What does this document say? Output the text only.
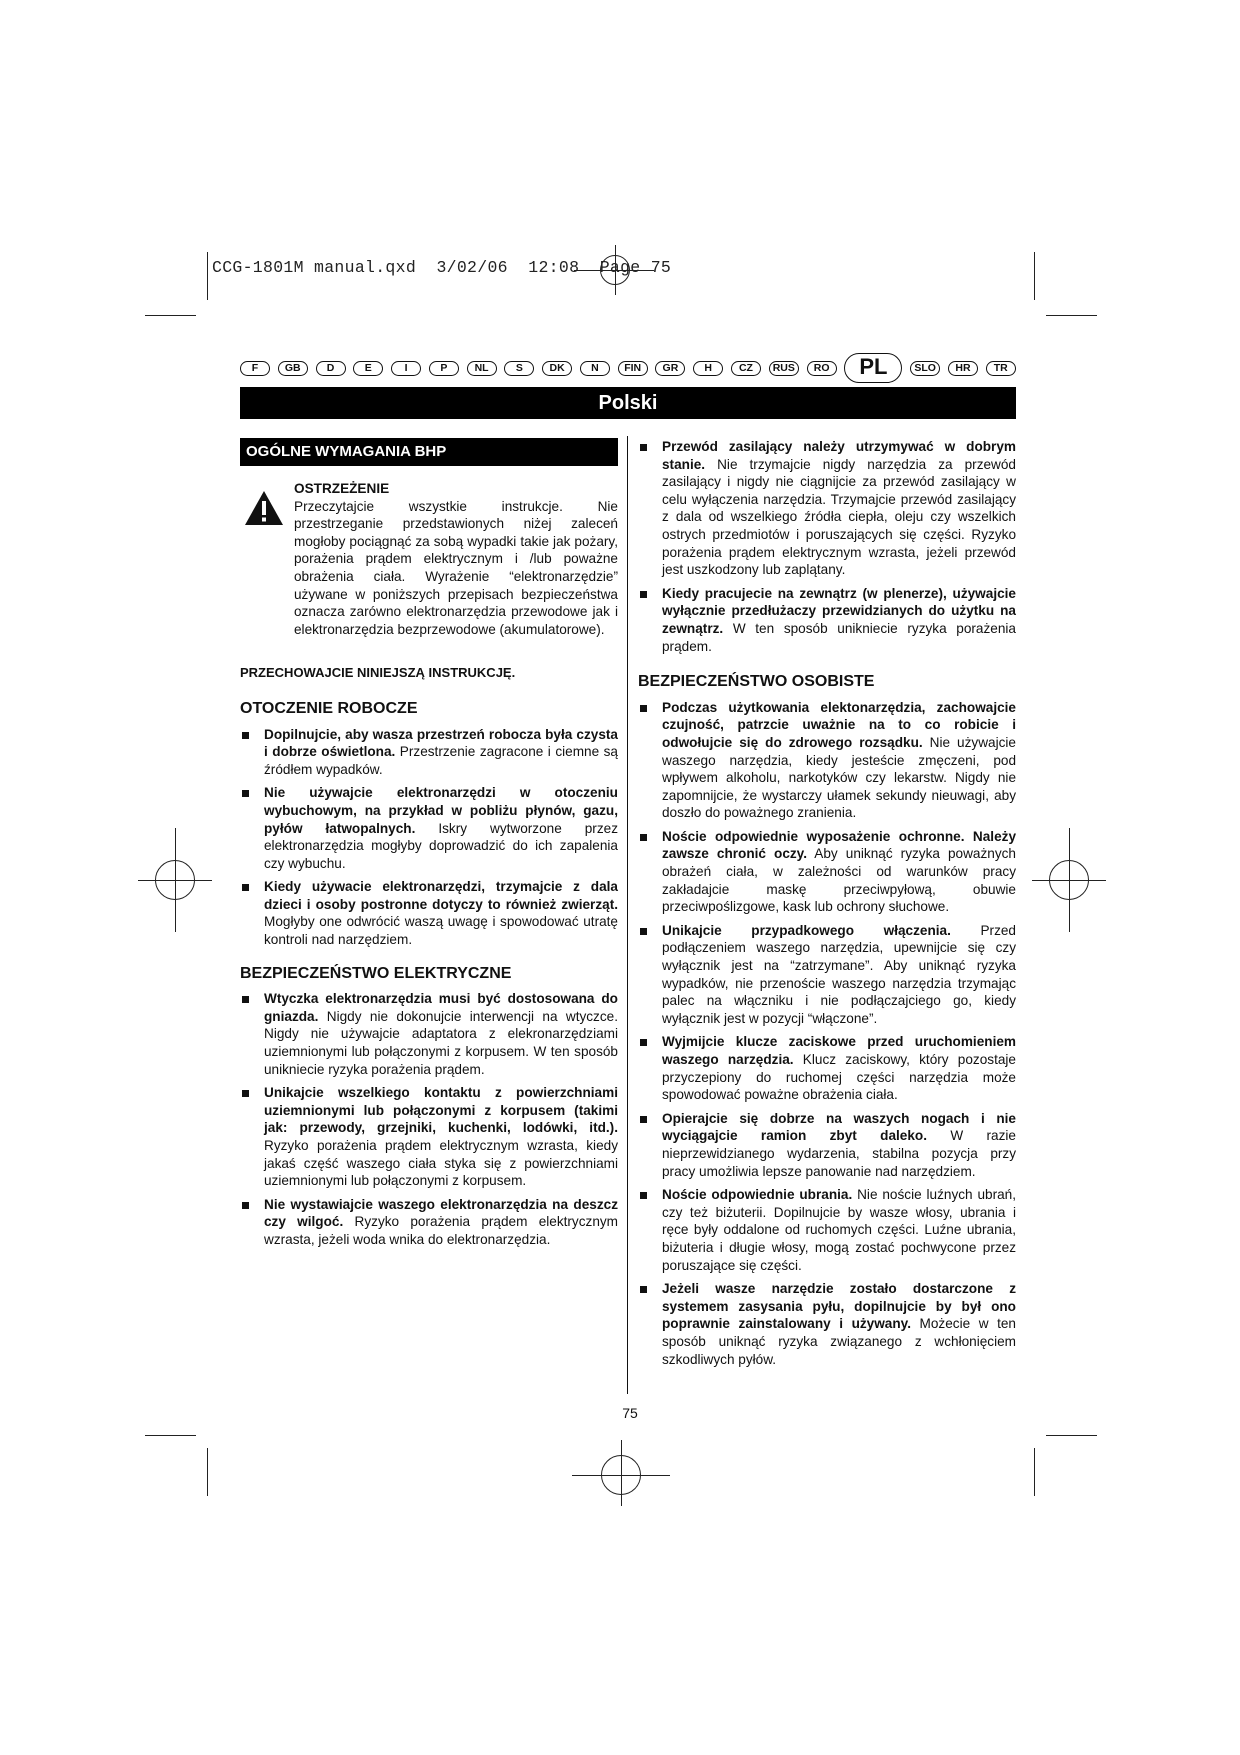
CCG-1801M manual.qxd 3/02/06 12:08 Page 75
F	GB	D	E	I	P	NL	S	DK	N	FIN	GR	H	CZ	RUS	RO	PL	SLO	HR	TR
Polski
OGÓLNE WYMAGANIA BHP
OSTRZEŻENIE
Przeczytajcie wszystkie instrukcje. Nie przestrzeganie przedstawionych niżej zaleceń mogłoby pociągnąć za sobą wypadki takie jak pożary, porażenia prądem elektrycznym i /lub poważne obrażenia ciała. Wyrażenie “elektronarzędzie” używane w poniższych przepisach bezpieczeństwa oznacza zarówno elektronarzędzia przewodowe jak i elektronarzędzia bezprzewodowe (akumulatorowe).
PRZECHOWAJCIE NINIEJSZĄ INSTRUKCJĘ.
OTOCZENIE ROBOCZE
Dopilnujcie, aby wasza przestrzeń robocza była czysta i dobrze oświetlona. Przestrzenie zagracone i ciemne są źródłem wypadków.
Nie używajcie elektronarzędzi w otoczeniu wybuchowym, na przykład w pobliżu płynów, gazu, pyłów łatwopalnych. Iskry wytworzone przez elektronarzędzia mogłyby doprowadzić do ich zapalenia czy wybuchu.
Kiedy używacie elektronarzędzi, trzymajcie z dala dzieci i osoby postronne dotyczy to również zwierząt. Mogłyby one odwrócić waszą uwagę i spowodować utratę kontroli nad narzędziem.
BEZPIECZEŃSTWO ELEKTRYCZNE
Wtyczka elektronarzędzia musi być dostosowana do gniazda. Nigdy nie dokonujcie interwencji na wtyczce. Nigdy nie używajcie adaptatora z elekronarzędziami uziemnionymi lub połączonymi z korpusem. W ten sposób unikniecie ryzyka porażenia prądem.
Unikajcie wszelkiego kontaktu z powierzchniami uziemnionymi lub połączonymi z korpusem (takimi jak: przewody, grzejniki, kuchenki, lodówki, itd.). Ryzyko porażenia prądem elektrycznym wzrasta, kiedy jakaś część waszego ciała styka się z powierzchniami uziemnionymi lub połączonymi z korpusem.
Nie wystawiajcie waszego elektronarzędzia na deszcz czy wilgoć. Ryzyko porażenia prądem elektrycznym wzrasta, jeżeli woda wnika do elektronarzędzia.
Przewód zasilający należy utrzymywać w dobrym stanie. Nie trzymajcie nigdy narzędzia za przewód zasilający i nigdy nie ciągnijcie za przewód zasilający w celu wyłączenia narzędzia. Trzymajcie przewód zasilający z dala od wszelkiego źródła ciepła, oleju czy wszelkich ostrych przedmiotów i poruszających się części. Ryzyko porażenia prądem elektrycznym wzrasta, jeżeli przewód jest uszkodzony lub zaplątany.
Kiedy pracujecie na zewnątrz (w plenerze), używajcie wyłącznie przedłużaczy przewidzianych do użytku na zewnątrz. W ten sposób unikniecie ryzyka porażenia prądem.
BEZPIECZEŃSTWO OSOBISTE
Podczas użytkowania elektonarzędzia, zachowajcie czujność, patrzcie uważnie na to co robicie i odwołujcie się do zdrowego rozsądku. Nie używajcie waszego narzędzia, kiedy jesteście zmęczeni, pod wpływem alkoholu, narkotyków czy lekarstw. Nigdy nie zapomnijcie, że wystarczy ułamek sekundy nieuwagi, aby doszło do poważnego zranienia.
Noście odpowiednie wyposażenie ochronne. Należy zawsze chronić oczy. Aby uniknąć ryzyka poważnych obrażeń ciała, w zależności od warunków pracy zakładajcie maskę przeciwpyłową, obuwie przeciwpoślizgowe, kask lub ochrony słuchowe.
Unikajcie przypadkowego włączenia. Przed podłączeniem waszego narzędzia, upewnijcie się czy wyłącznik jest na “zatrzymane”. Aby uniknąć ryzyka wypadków, nie przenoście waszego narzędzia trzymając palec na włączniku i nie podłączajciego go, kiedy wyłącznik jest w pozycji “włączone”.
Wyjmijcie klucze zaciskowe przed uruchomieniem waszego narzędzia. Klucz zaciskowy, który pozostaje przyczepiony do ruchomej części narzędzia może spowodować poważne obrażenia ciała.
Opierajcie się dobrze na waszych nogach i nie wyciągajcie ramion zbyt daleko. W razie nieprzewidzianego wydarzenia, stabilna pozycja przy pracy umożliwia lepsze panowanie nad narzędziem.
Noście odpowiednie ubrania. Nie noście luźnych ubrań, czy też biżuterii. Dopilnujcie by wasze włosy, ubrania i ręce były oddalone od ruchomych części. Luźne ubrania, biżuteria i długie włosy, mogą zostać pochwycone przez poruszające się części.
Jeżeli wasze narzędzie zostało dostarczone z systemem zasysania pyłu, dopilnujcie by był ono poprawnie zainstalowany i używany. Możecie w ten sposób uniknąć ryzyka związanego z wchłonięciem szkodliwych pyłów.
75
